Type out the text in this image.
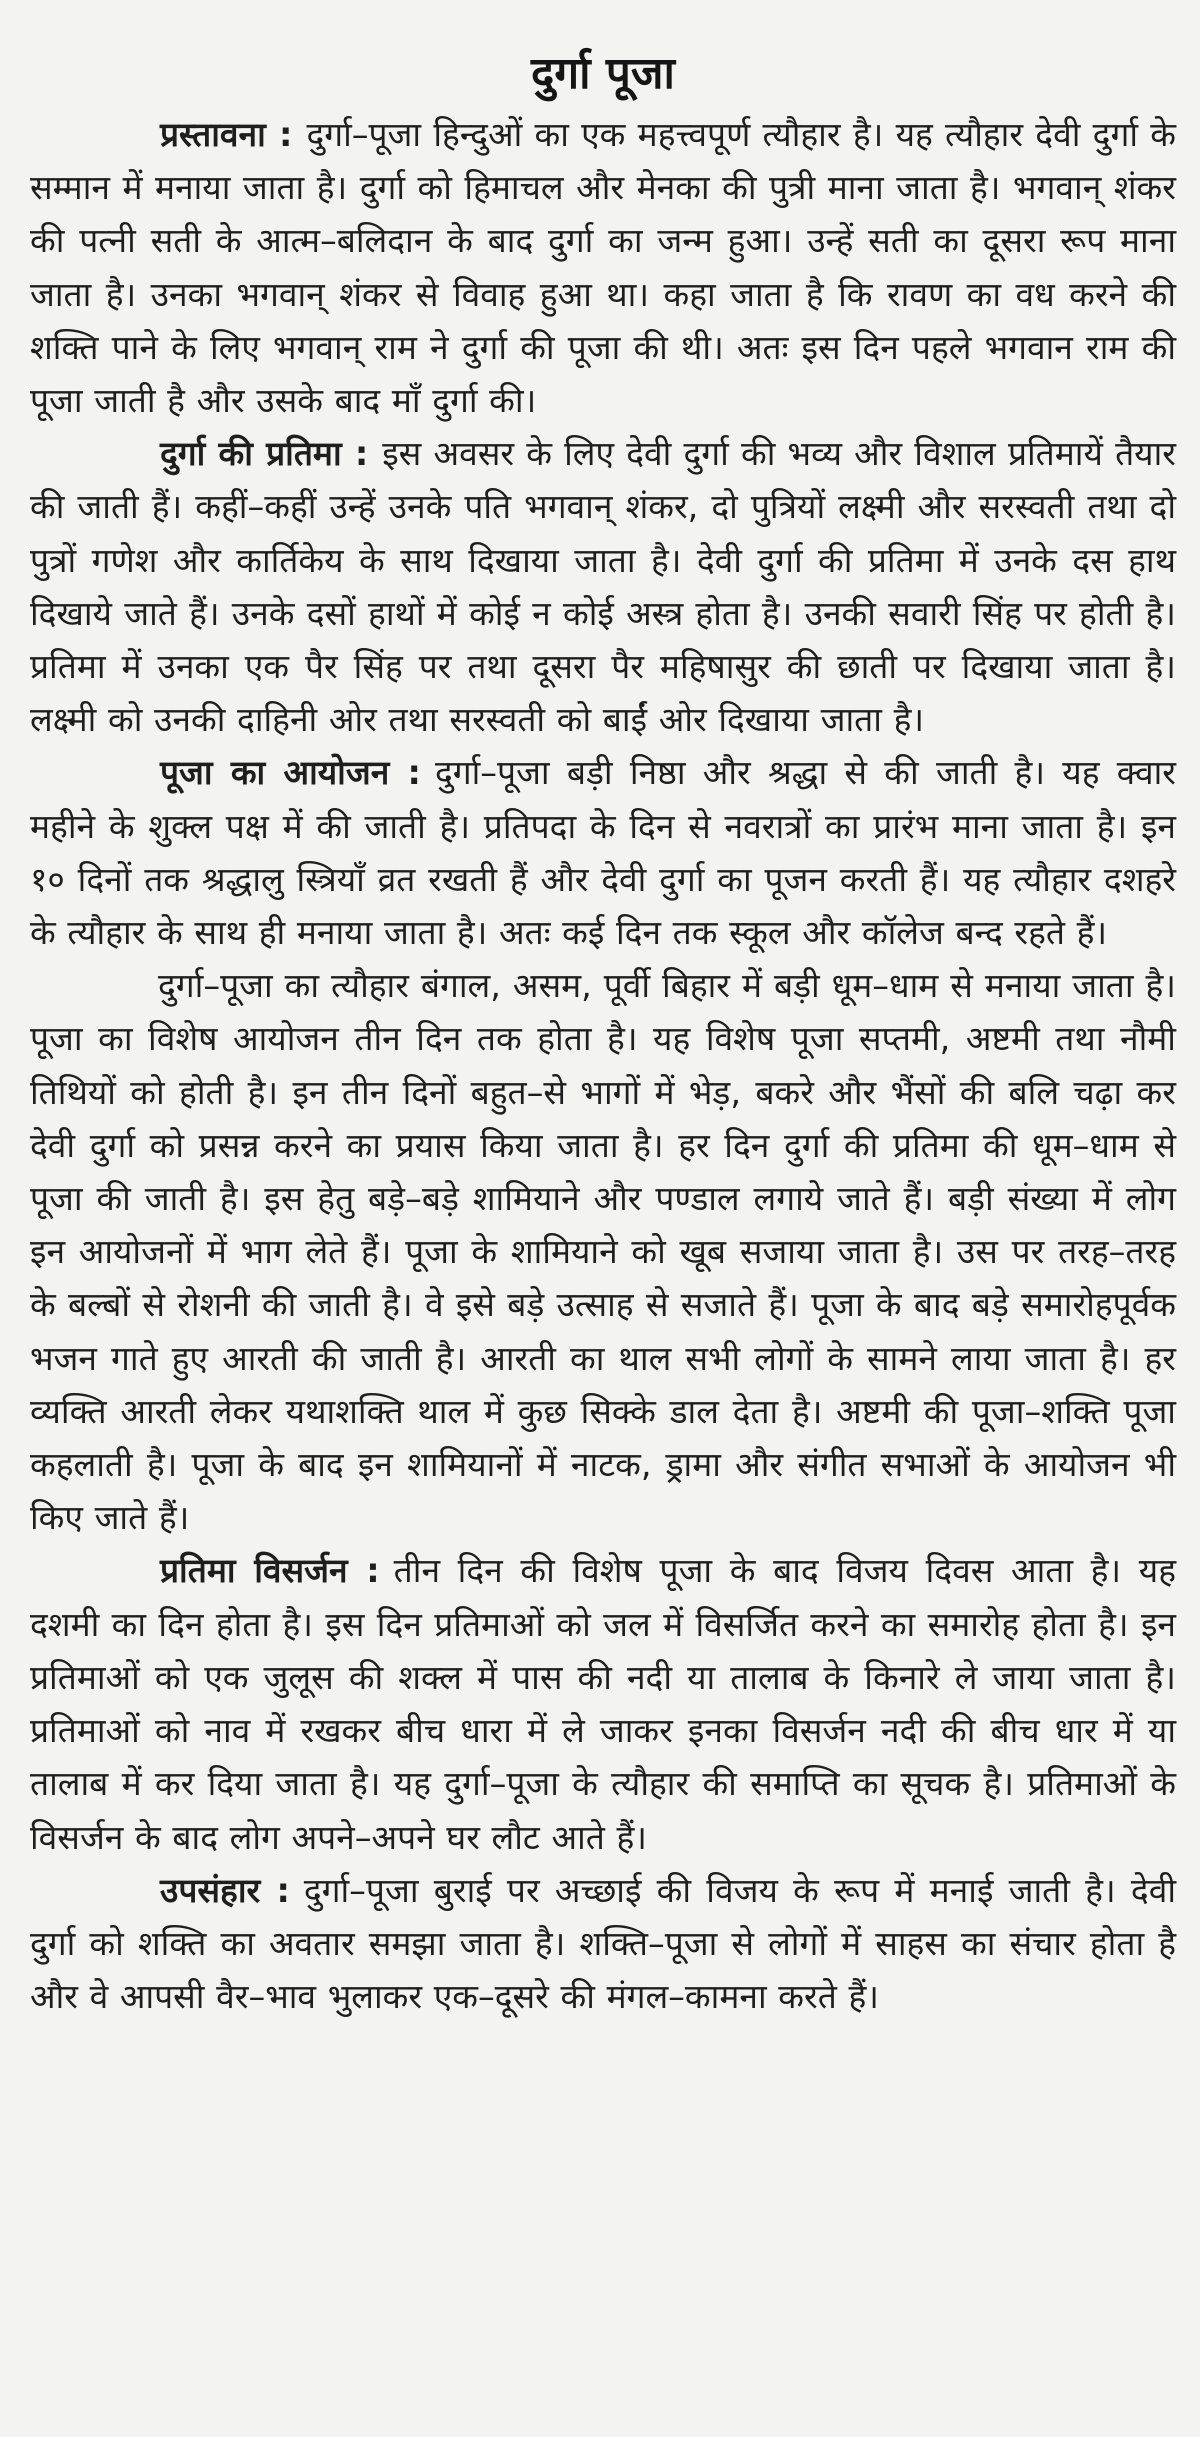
दुर्गा पूजा

प्रस्तावना : दुर्गा–पूजा हिन्दुओं का एक महत्त्वपूर्ण त्यौहार है। यह त्यौहार देवी दुर्गा के सम्मान में मनाया जाता है। दुर्गा को हिमाचल और मेनका की पुत्री माना जाता है। भगवान् शंकर की पत्नी सती के आत्म–बलिदान के बाद दुर्गा का जन्म हुआ। उन्हें सती का दूसरा रूप माना जाता है। उनका भगवान् शंकर से विवाह हुआ था। कहा जाता है कि रावण का वध करने की शक्ति पाने के लिए भगवान् राम ने दुर्गा की पूजा की थी। अतः इस दिन पहले भगवान राम की पूजा जाती है और उसके बाद माँ दुर्गा की।

दुर्गा की प्रतिमा : इस अवसर के लिए देवी दुर्गा की भव्य और विशाल प्रतिमायें तैयार की जाती हैं। कहीं–कहीं उन्हें उनके पति भगवान् शंकर, दो पुत्रियों लक्ष्मी और सरस्वती तथा दो पुत्रों गणेश और कार्तिकेय के साथ दिखाया जाता है। देवी दुर्गा की प्रतिमा में उनके दस हाथ दिखाये जाते हैं। उनके दसों हाथों में कोई न कोई अस्त्र होता है। उनकी सवारी सिंह पर होती है। प्रतिमा में उनका एक पैर सिंह पर तथा दूसरा पैर महिषासुर की छाती पर दिखाया जाता है। लक्ष्मी को उनकी दाहिनी ओर तथा सरस्वती को बाईं ओर दिखाया जाता है।

पूजा का आयोजन : दुर्गा–पूजा बड़ी निष्ठा और श्रद्धा से की जाती है। यह क्वार महीने के शुक्ल पक्ष में की जाती है। प्रतिपदा के दिन से नवरात्रों का प्रारंभ माना जाता है। इन १० दिनों तक श्रद्धालु स्त्रियाँ व्रत रखती हैं और देवी दुर्गा का पूजन करती हैं। यह त्यौहार दशहरे के त्यौहार के साथ ही मनाया जाता है। अतः कई दिन तक स्कूल और कॉलेज बन्द रहते हैं।

दुर्गा–पूजा का त्यौहार बंगाल, असम, पूर्वी बिहार में बड़ी धूम–धाम से मनाया जाता है। पूजा का विशेष आयोजन तीन दिन तक होता है। यह विशेष पूजा सप्तमी, अष्टमी तथा नौमी तिथियों को होती है। इन तीन दिनों बहुत–से भागों में भेड़, बकरे और भैंसों की बलि चढ़ा कर देवी दुर्गा को प्रसन्न करने का प्रयास किया जाता है। हर दिन दुर्गा की प्रतिमा की धूम–धाम से पूजा की जाती है। इस हेतु बड़े–बड़े शामियाने और पण्डाल लगाये जाते हैं। बड़ी संख्या में लोग इन आयोजनों में भाग लेते हैं। पूजा के शामियाने को खूब सजाया जाता है। उस पर तरह–तरह के बल्बों से रोशनी की जाती है। वे इसे बड़े उत्साह से सजाते हैं। पूजा के बाद बड़े समारोहपूर्वक भजन गाते हुए आरती की जाती है। आरती का थाल सभी लोगों के सामने लाया जाता है। हर व्यक्ति आरती लेकर यथाशक्ति थाल में कुछ सिक्के डाल देता है। अष्टमी की पूजा–शक्ति पूजा कहलाती है। पूजा के बाद इन शामियानों में नाटक, ड्रामा और संगीत सभाओं के आयोजन भी किए जाते हैं।

प्रतिमा विसर्जन : तीन दिन की विशेष पूजा के बाद विजय दिवस आता है। यह दशमी का दिन होता है। इस दिन प्रतिमाओं को जल में विसर्जित करने का समारोह होता है। इन प्रतिमाओं को एक जुलूस की शक्ल में पास की नदी या तालाब के किनारे ले जाया जाता है। प्रतिमाओं को नाव में रखकर बीच धारा में ले जाकर इनका विसर्जन नदी की बीच धार में या तालाब में कर दिया जाता है। यह दुर्गा–पूजा के त्यौहार की समाप्ति का सूचक है। प्रतिमाओं के विसर्जन के बाद लोग अपने–अपने घर लौट आते हैं।

उपसंहार : दुर्गा–पूजा बुराई पर अच्छाई की विजय के रूप में मनाई जाती है। देवी दुर्गा को शक्ति का अवतार समझा जाता है। शक्ति–पूजा से लोगों में साहस का संचार होता है और वे आपसी वैर–भाव भुलाकर एक–दूसरे की मंगल–कामना करते हैं।
